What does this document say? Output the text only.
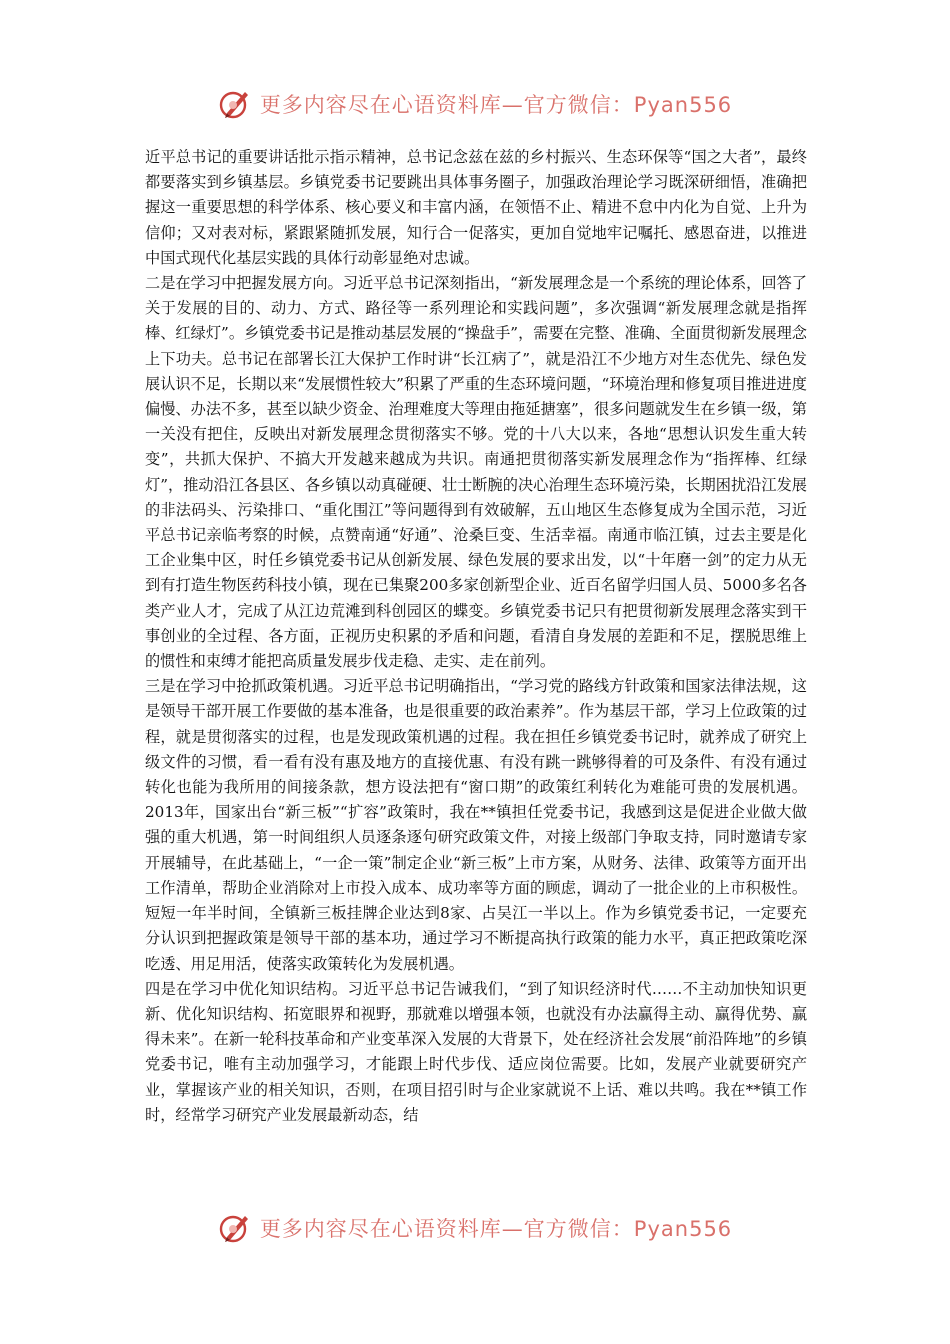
更多内容尽在心语资料库—官方微信：Pyan556

近平总书记的重要讲话批示指示精神，总书记念兹在兹的乡村振兴、生态环保等“国之大者”，最终都要落实到乡镇基层。乡镇党委书记要跳出具体事务圈子，加强政治理论学习既深研细悟，准确把握这一重要思想的科学体系、核心要义和丰富内涵，在领悟不止、精进不怠中内化为自觉、上升为信仰；又对表对标，紧跟紧随抓发展，知行合一促落实，更加自觉地牢记嘱托、感恩奋进，以推进中国式现代化基层实践的具体行动彰显绝对忠诚。

二是在学习中把握发展方向。习近平总书记深刻指出，“新发展理念是一个系统的理论体系，回答了关于发展的目的、动力、方式、路径等一系列理论和实践问题”，多次强调“新发展理念就是指挥棒、红绿灯”。乡镇党委书记是推动基层发展的“操盘手”，需要在完整、准确、全面贯彻新发展理念上下功夫。总书记在部署长江大保护工作时讲“长江病了”，就是沿江不少地方对生态优先、绿色发展认识不足，长期以来“发展惯性较大”积累了严重的生态环境问题，“环境治理和修复项目推进进度偏慢、办法不多，甚至以缺少资金、治理难度大等理由拖延搪塞”，很多问题就发生在乡镇一级，第一关没有把住，反映出对新发展理念贯彻落实不够。党的十八大以来，各地“思想认识发生重大转变”，共抓大保护、不搞大开发越来越成为共识。南通把贯彻落实新发展理念作为“指挥棒、红绿灯”，推动沿江各县区、各乡镇以动真碰硬、壮士断腕的决心治理生态环境污染，长期困扰沿江发展的非法码头、污染排口、“重化围江”等问题得到有效破解，五山地区生态修复成为全国示范，习近平总书记亲临考察的时候，点赞南通“好通”、沧桑巨变、生活幸福。南通市临江镇，过去主要是化工企业集中区，时任乡镇党委书记从创新发展、绿色发展的要求出发，以“十年磨一剑”的定力从无到有打造生物医药科技小镇，现在已集聚200多家创新型企业、近百名留学归国人员、5000多名各类产业人才，完成了从江边荒滩到科创园区的蝶变。乡镇党委书记只有把贯彻新发展理念落实到干事创业的全过程、各方面，正视历史积累的矛盾和问题，看清自身发展的差距和不足，摆脱思维上的惯性和束缚才能把高质量发展步伐走稳、走实、走在前列。

三是在学习中抢抓政策机遇。习近平总书记明确指出，“学习党的路线方针政策和国家法律法规，这是领导干部开展工作要做的基本准备，也是很重要的政治素养”。作为基层干部，学习上位政策的过程，就是贯彻落实的过程，也是发现政策机遇的过程。我在担任乡镇党委书记时，就养成了研究上级文件的习惯，看一看有没有惠及地方的直接优惠、有没有跳一跳够得着的可及条件、有没有通过转化也能为我所用的间接条款，想方设法把有“窗口期”的政策红利转化为难能可贵的发展机遇。2013年，国家出台“新三板”“扩容”政策时，我在**镇担任党委书记，我感到这是促进企业做大做强的重大机遇，第一时间组织人员逐条逐句研究政策文件，对接上级部门争取支持，同时邀请专家开展辅导，在此基础上，“一企一策”制定企业“新三板”上市方案，从财务、法律、政策等方面开出工作清单，帮助企业消除对上市投入成本、成功率等方面的顾虑，调动了一批企业的上市积极性。短短一年半时间，全镇新三板挂牌企业达到8家、占吴江一半以上。作为乡镇党委书记，一定要充分认识到把握政策是领导干部的基本功，通过学习不断提高执行政策的能力水平，真正把政策吃深吃透、用足用活，使落实政策转化为发展机遇。

四是在学习中优化知识结构。习近平总书记告诫我们，“到了知识经济时代……不主动加快知识更新、优化知识结构、拓宽眼界和视野，那就难以增强本领，也就没有办法赢得主动、赢得优势、赢得未来”。在新一轮科技革命和产业变革深入发展的大背景下，处在经济社会发展“前沿阵地”的乡镇党委书记，唯有主动加强学习，才能跟上时代步伐、适应岗位需要。比如，发展产业就要研究产业，掌握该产业的相关知识，否则，在项目招引时与企业家就说不上话、难以共鸣。我在**镇工作时，经常学习研究产业发展最新动态，结

更多内容尽在心语资料库—官方微信：Pyan556
